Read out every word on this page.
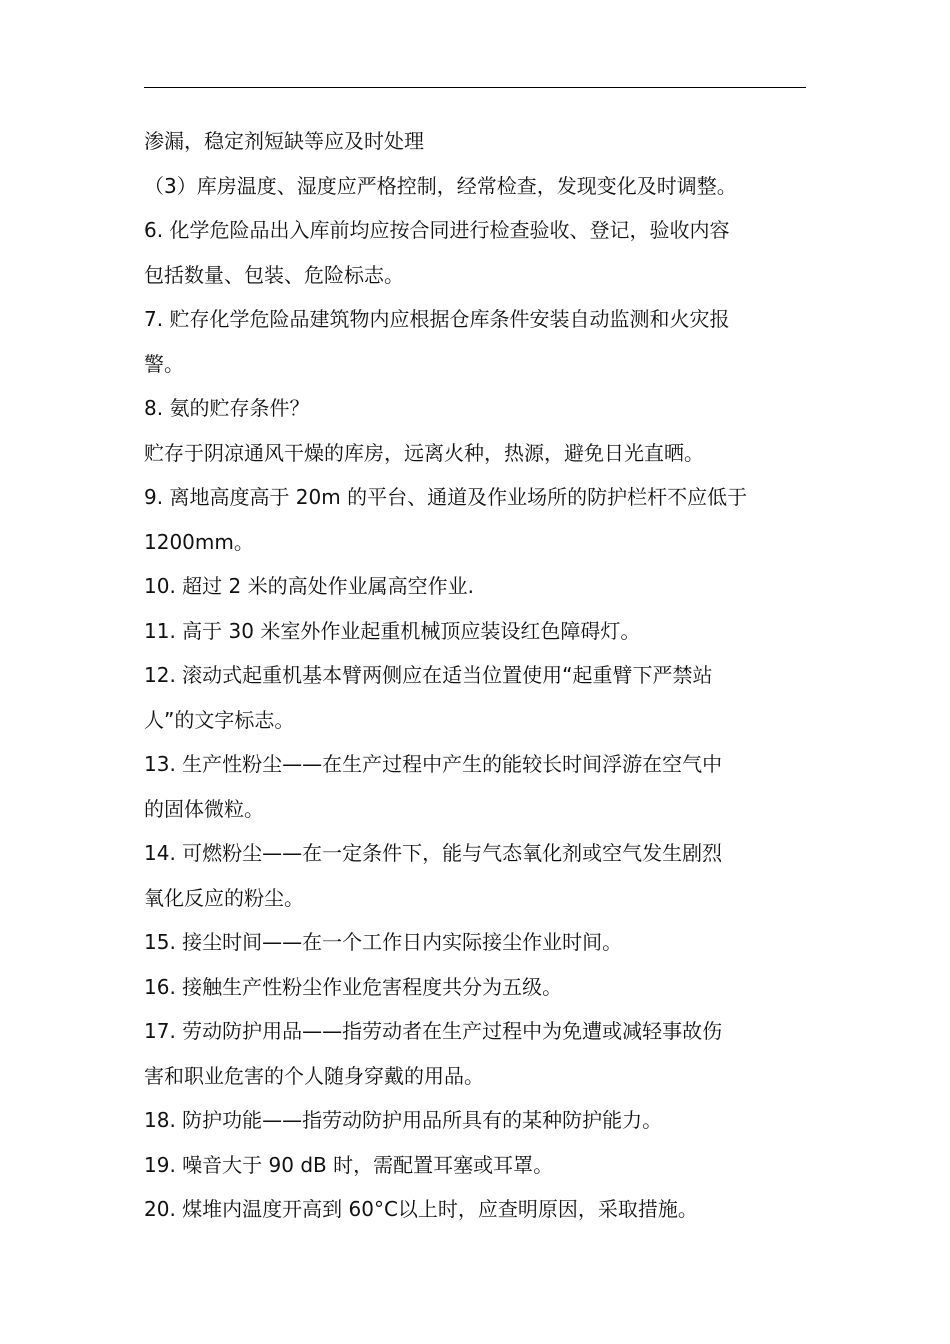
渗漏，稳定剂短缺等应及时处理
（3）库房温度、湿度应严格控制，经常检查，发现变化及时调整。
6. 化学危险品出入库前均应按合同进行检查验收、登记，验收内容
包括数量、包装、危险标志。
7. 贮存化学危险品建筑物内应根据仓库条件安装自动监测和火灾报
警。
8. 氨的贮存条件？
贮存于阴凉通风干燥的库房，远离火种，热源，避免日光直晒。
9. 离地高度高于 20m 的平台、通道及作业场所的防护栏杆不应低于
1200mm。
10. 超过 2 米的高处作业属高空作业.
11. 高于 30 米室外作业起重机械顶应装设红色障碍灯。
12. 滚动式起重机基本臂两侧应在适当位置使用“起重臂下严禁站
人”的文字标志。
13. 生产性粉尘——在生产过程中产生的能较长时间浮游在空气中
的固体微粒。
14. 可燃粉尘——在一定条件下，能与气态氧化剂或空气发生剧烈
氧化反应的粉尘。
15. 接尘时间——在一个工作日内实际接尘作业时间。
16. 接触生产性粉尘作业危害程度共分为五级。
17. 劳动防护用品——指劳动者在生产过程中为免遭或减轻事故伤
害和职业危害的个人随身穿戴的用品。
18. 防护功能——指劳动防护用品所具有的某种防护能力。
19. 噪音大于 90 dB 时，需配置耳塞或耳罩。
20. 煤堆内温度开高到 60°C以上时，应查明原因，采取措施。
